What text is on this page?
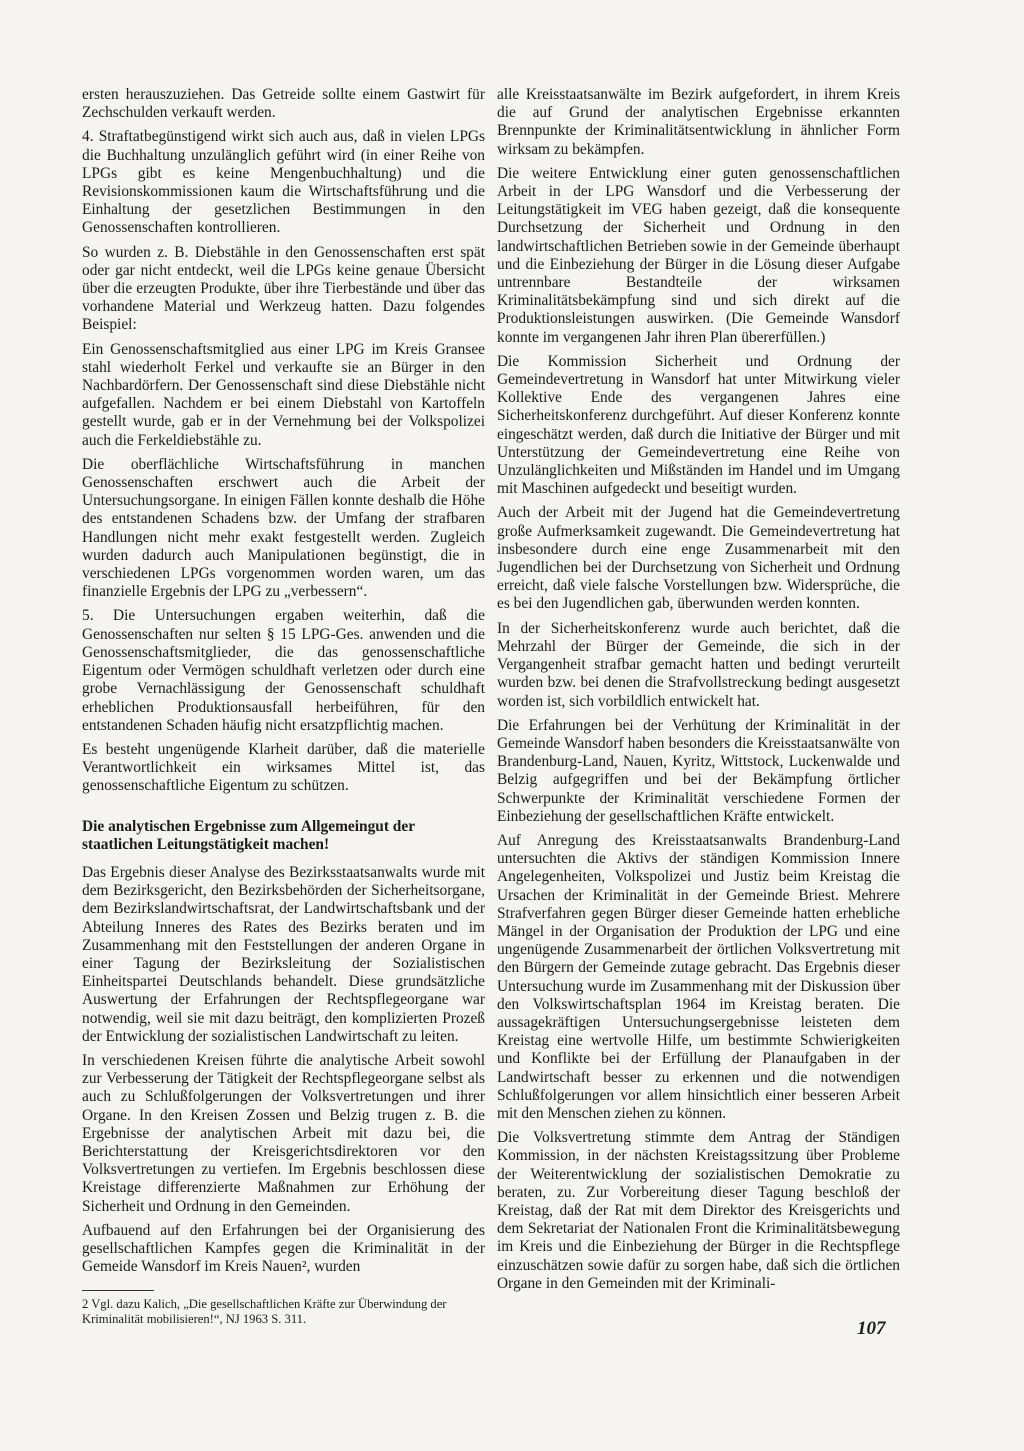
ersten herauszuziehen. Das Getreide sollte einem Gastwirt für Zechschulden verkauft werden.

4. Straftatbegünstigend wirkt sich auch aus, daß in vielen LPGs die Buchhaltung unzulänglich geführt wird (in einer Reihe von LPGs gibt es keine Mengenbuchhaltung) und die Revisionskommissionen kaum die Wirtschaftsführung und die Einhaltung der gesetzlichen Bestimmungen in den Genossenschaften kontrollieren.

So wurden z. B. Diebstähle in den Genossenschaften erst spät oder gar nicht entdeckt, weil die LPGs keine genaue Übersicht über die erzeugten Produkte, über ihre Tierbestände und über das vorhandene Material und Werkzeug hatten. Dazu folgendes Beispiel:

Ein Genossenschaftsmitglied aus einer LPG im Kreis Gransee stahl wiederholt Ferkel und verkaufte sie an Bürger in den Nachbardörfern. Der Genossenschaft sind diese Diebstähle nicht aufgefallen. Nachdem er bei einem Diebstahl von Kartoffeln gestellt wurde, gab er in der Vernehmung bei der Volkspolizei auch die Ferkeldiebstähle zu.

Die oberflächliche Wirtschaftsführung in manchen Genossenschaften erschwert auch die Arbeit der Untersuchungsorgane. In einigen Fällen konnte deshalb die Höhe des entstandenen Schadens bzw. der Umfang der strafbaren Handlungen nicht mehr exakt festgestellt werden. Zugleich wurden dadurch auch Manipulationen begünstigt, die in verschiedenen LPGs vorgenommen worden waren, um das finanzielle Ergebnis der LPG zu „verbessern“.

5. Die Untersuchungen ergaben weiterhin, daß die Genossenschaften nur selten § 15 LPG-Ges. anwenden und die Genossenschaftsmitglieder, die das genossenschaftliche Eigentum oder Vermögen schuldhaft verletzen oder durch eine grobe Vernachlässigung der Genossenschaft schuldhaft erheblichen Produktionsausfall herbeiführen, für den entstandenen Schaden häufig nicht ersatzpflichtig machen.

Es besteht ungenügende Klarheit darüber, daß die materielle Verantwortlichkeit ein wirksames Mittel ist, das genossenschaftliche Eigentum zu schützen.

Die analytischen Ergebnisse zum Allgemeingut der staatlichen Leitungstätigkeit machen!

Das Ergebnis dieser Analyse des Bezirksstaatsanwalts wurde mit dem Bezirksgericht, den Bezirksbehörden der Sicherheitsorgane, dem Bezirkslandwirtschaftsrat, der Landwirtschaftsbank und der Abteilung Inneres des Rates des Bezirks beraten und im Zusammenhang mit den Feststellungen der anderen Organe in einer Tagung der Bezirksleitung der Sozialistischen Einheitspartei Deutschlands behandelt. Diese grundsätzliche Auswertung der Erfahrungen der Rechtspflegeorgane war notwendig, weil sie mit dazu beiträgt, den komplizierten Prozeß der Entwicklung der sozialistischen Landwirtschaft zu leiten.

In verschiedenen Kreisen führte die analytische Arbeit sowohl zur Verbesserung der Tätigkeit der Rechtspflegeorgane selbst als auch zu Schlußfolgerungen der Volksvertretungen und ihrer Organe. In den Kreisen Zossen und Belzig trugen z. B. die Ergebnisse der analytischen Arbeit mit dazu bei, die Berichterstattung der Kreisgerichtsdirektoren vor den Volksvertretungen zu vertiefen. Im Ergebnis beschlossen diese Kreistage differenzierte Maßnahmen zur Erhöhung der Sicherheit und Ordnung in den Gemeinden.

Aufbauend auf den Erfahrungen bei der Organisierung des gesellschaftlichen Kampfes gegen die Kriminalität in der Gemeide Wansdorf im Kreis Nauen², wurden

2 Vgl. dazu Kalich, „Die gesellschaftlichen Kräfte zur Überwindung der Kriminalität mobilisieren!“, NJ 1963 S. 311.

alle Kreisstaatsanwälte im Bezirk aufgefordert, in ihrem Kreis die auf Grund der analytischen Ergebnisse erkannten Brennpunkte der Kriminalitätsentwicklung in ähnlicher Form wirksam zu bekämpfen.

Die weitere Entwicklung einer guten genossenschaftlichen Arbeit in der LPG Wansdorf und die Verbesserung der Leitungstätigkeit im VEG haben gezeigt, daß die konsequente Durchsetzung der Sicherheit und Ordnung in den landwirtschaftlichen Betrieben sowie in der Gemeinde überhaupt und die Einbeziehung der Bürger in die Lösung dieser Aufgabe untrennbare Bestandteile der wirksamen Kriminalitätsbekämpfung sind und sich direkt auf die Produktionsleistungen auswirken. (Die Gemeinde Wansdorf konnte im vergangenen Jahr ihren Plan übererfüllen.)

Die Kommission Sicherheit und Ordnung der Gemeindevertretung in Wansdorf hat unter Mitwirkung vieler Kollektive Ende des vergangenen Jahres eine Sicherheitskonferenz durchgeführt. Auf dieser Konferenz konnte eingeschätzt werden, daß durch die Initiative der Bürger und mit Unterstützung der Gemeindevertretung eine Reihe von Unzulänglichkeiten und Mißständen im Handel und im Umgang mit Maschinen aufgedeckt und beseitigt wurden.

Auch der Arbeit mit der Jugend hat die Gemeindevertretung große Aufmerksamkeit zugewandt. Die Gemeindevertretung hat insbesondere durch eine enge Zusammenarbeit mit den Jugendlichen bei der Durchsetzung von Sicherheit und Ordnung erreicht, daß viele falsche Vorstellungen bzw. Widersprüche, die es bei den Jugendlichen gab, überwunden werden konnten.

In der Sicherheitskonferenz wurde auch berichtet, daß die Mehrzahl der Bürger der Gemeinde, die sich in der Vergangenheit strafbar gemacht hatten und bedingt verurteilt wurden bzw. bei denen die Strafvollstreckung bedingt ausgesetzt worden ist, sich vorbildlich entwickelt hat.

Die Erfahrungen bei der Verhütung der Kriminalität in der Gemeinde Wansdorf haben besonders die Kreisstaatsanwälte von Brandenburg-Land, Nauen, Kyritz, Wittstock, Luckenwalde und Belzig aufgegriffen und bei der Bekämpfung örtlicher Schwerpunkte der Kriminalität verschiedene Formen der Einbeziehung der gesellschaftlichen Kräfte entwickelt.

Auf Anregung des Kreisstaatsanwalts Brandenburg-Land untersuchten die Aktivs der ständigen Kommission Innere Angelegenheiten, Volkspolizei und Justiz beim Kreistag die Ursachen der Kriminalität in der Gemeinde Briest. Mehrere Strafverfahren gegen Bürger dieser Gemeinde hatten erhebliche Mängel in der Organisation der Produktion der LPG und eine ungenügende Zusammenarbeit der örtlichen Volksvertretung mit den Bürgern der Gemeinde zutage gebracht. Das Ergebnis dieser Untersuchung wurde im Zusammenhang mit der Diskussion über den Volkswirtschaftsplan 1964 im Kreistag beraten. Die aussagekräftigen Untersuchungsergebnisse leisteten dem Kreistag eine wertvolle Hilfe, um bestimmte Schwierigkeiten und Konflikte bei der Erfüllung der Planaufgaben in der Landwirtschaft besser zu erkennen und die notwendigen Schlußfolgerungen vor allem hinsichtlich einer besseren Arbeit mit den Menschen ziehen zu können.

Die Volksvertretung stimmte dem Antrag der Ständigen Kommission, in der nächsten Kreistagssitzung über Probleme der Weiterentwicklung der sozialistischen Demokratie zu beraten, zu. Zur Vorbereitung dieser Tagung beschloß der Kreistag, daß der Rat mit dem Direktor des Kreisgerichts und dem Sekretariat der Nationalen Front die Kriminalitätsbewegung im Kreis und die Einbeziehung der Bürger in die Rechtspflege einzuschätzen sowie dafür zu sorgen habe, daß sich die örtlichen Organe in den Gemeinden mit der Kriminali-

107
